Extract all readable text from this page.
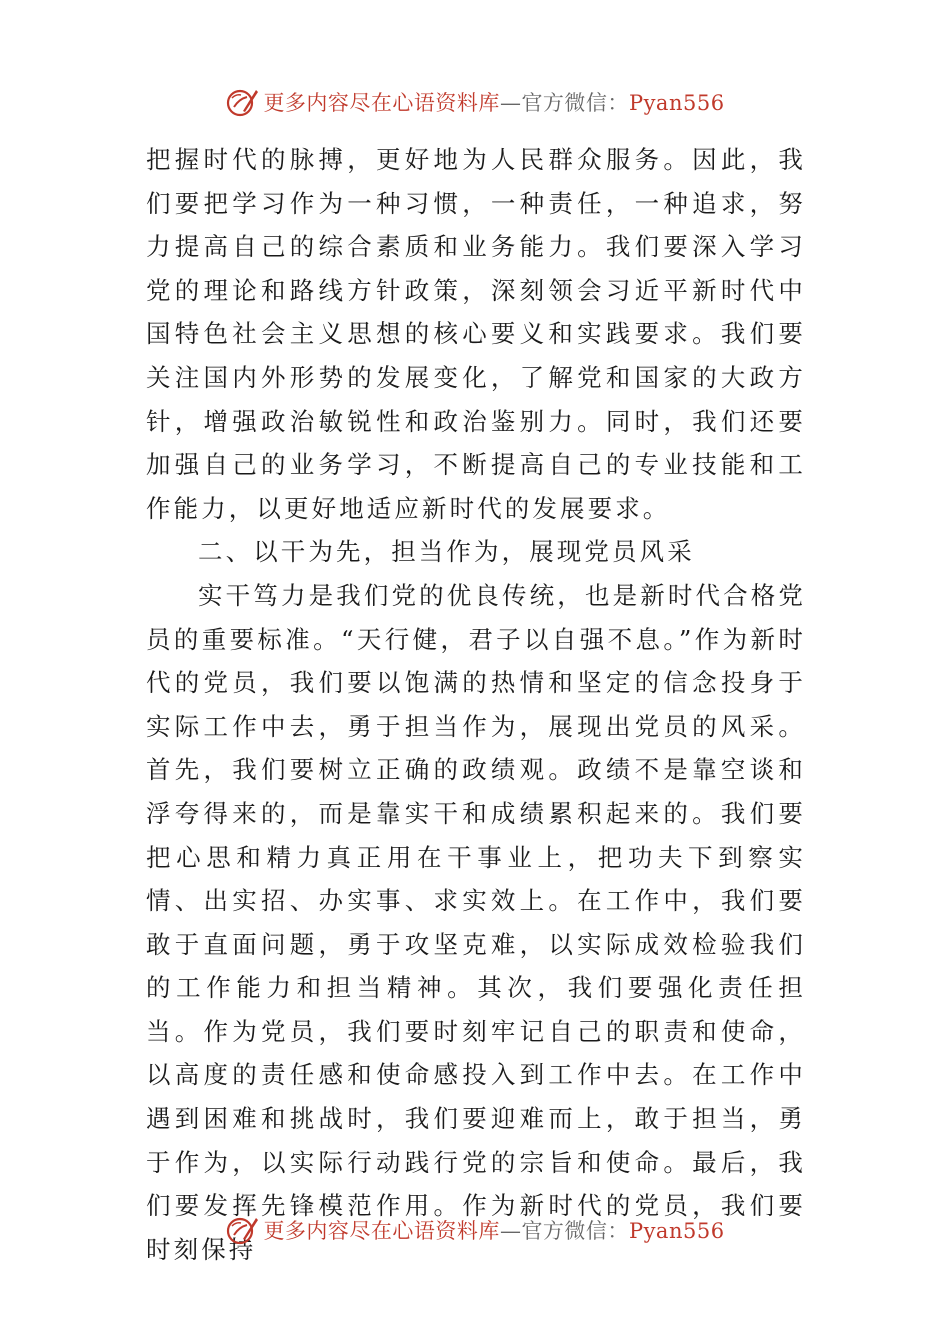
更多内容尽在心语资料库—官方微信：Pyan556

把握时代的脉搏，更好地为人民群众服务。因此，我们要把学习作为一种习惯，一种责任，一种追求，努力提高自己的综合素质和业务能力。我们要深入学习党的理论和路线方针政策，深刻领会习近平新时代中国特色社会主义思想的核心要义和实践要求。我们要关注国内外形势的发展变化，了解党和国家的大政方针，增强政治敏锐性和政治鉴别力。同时，我们还要加强自己的业务学习，不断提高自己的专业技能和工作能力，以更好地适应新时代的发展要求。

二、以干为先，担当作为，展现党员风采

实干笃力是我们党的优良传统，也是新时代合格党员的重要标准。“天行健，君子以自强不息。”作为新时代的党员，我们要以饱满的热情和坚定的信念投身于实际工作中去，勇于担当作为，展现出党员的风采。首先，我们要树立正确的政绩观。政绩不是靠空谈和浮夸得来的，而是靠实干和成绩累积起来的。我们要把心思和精力真正用在干事业上，把功夫下到察实情、出实招、办实事、求实效上。在工作中，我们要敢于直面问题，勇于攻坚克难，以实际成效检验我们的工作能力和担当精神。其次，我们要强化责任担当。作为党员，我们要时刻牢记自己的职责和使命，以高度的责任感和使命感投入到工作中去。在工作中遇到困难和挑战时，我们要迎难而上，敢于担当，勇于作为，以实际行动践行党的宗旨和使命。最后，我们要发挥先锋模范作用。作为新时代的党员，我们要时刻保持

更多内容尽在心语资料库—官方微信：Pyan556
